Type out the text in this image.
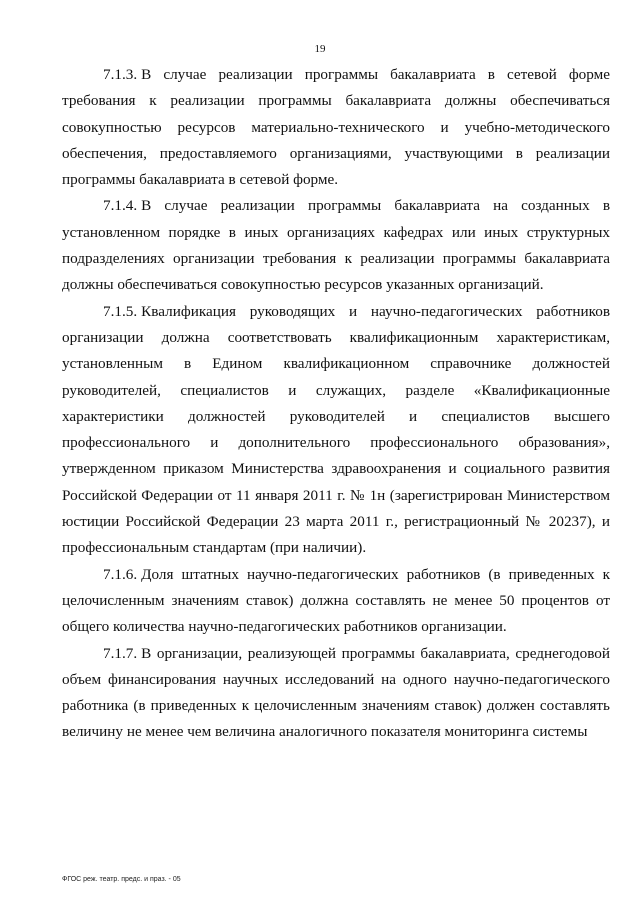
19

7.1.3. В случае реализации программы бакалавриата в сетевой форме требования к реализации программы бакалавриата должны обеспечиваться совокупностью ресурсов материально-технического и учебно-методического обеспечения, предоставляемого организациями, участвующими в реализации программы бакалавриата в сетевой форме.

7.1.4. В случае реализации программы бакалавриата на созданных в установленном порядке в иных организациях кафедрах или иных структурных подразделениях организации требования к реализации программы бакалавриата должны обеспечиваться совокупностью ресурсов указанных организаций.

7.1.5. Квалификация руководящих и научно-педагогических работников организации должна соответствовать квалификационным характеристикам, установленным в Едином квалификационном справочнике должностей руководителей, специалистов и служащих, разделе «Квалификационные характеристики должностей руководителей и специалистов высшего профессионального и дополнительного профессионального образования», утвержденном приказом Министерства здравоохранения и социального развития Российской Федерации от 11 января 2011 г. № 1н (зарегистрирован Министерством юстиции Российской Федерации 23 марта 2011 г., регистрационный № 20237), и профессиональным стандартам (при наличии).

7.1.6. Доля штатных научно-педагогических работников (в приведенных к целочисленным значениям ставок) должна составлять не менее 50 процентов от общего количества научно-педагогических работников организации.

7.1.7. В организации, реализующей программы бакалавриата, среднегодовой объем финансирования научных исследований на одного научно-педагогического работника (в приведенных к целочисленным значениям ставок) должен составлять величину не менее чем величина аналогичного показателя мониторинга системы

ФГОС реж. театр. предс. и праз. - 05
